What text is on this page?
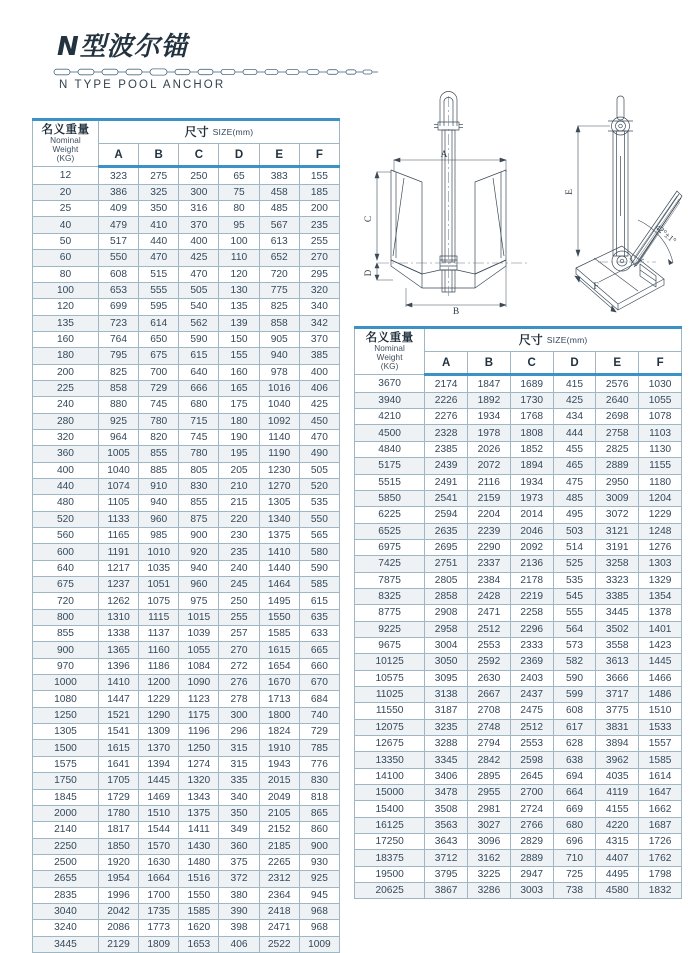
N型波尔锚
N TYPE POOL ANCHOR
A
C
D
B
42°±1°
E
F
名义重量
Nominal
Weight
(KG)	尺寸 SIZE(mm)					
	A	B	C	D	E	F
12	323	275	250	65	383	155
20	386	325	300	75	458	185
25	409	350	316	80	485	200
40	479	410	370	95	567	235
50	517	440	400	100	613	255
60	550	470	425	110	652	270
80	608	515	470	120	720	295
100	653	555	505	130	775	320
120	699	595	540	135	825	340
135	723	614	562	139	858	342
160	764	650	590	150	905	370
180	795	675	615	155	940	385
200	825	700	640	160	978	400
225	858	729	666	165	1016	406
240	880	745	680	175	1040	425
280	925	780	715	180	1092	450
320	964	820	745	190	1140	470
360	1005	855	780	195	1190	490
400	1040	885	805	205	1230	505
440	1074	910	830	210	1270	520
480	1105	940	855	215	1305	535
520	1133	960	875	220	1340	550
560	1165	985	900	230	1375	565
600	1191	1010	920	235	1410	580
640	1217	1035	940	240	1440	590
675	1237	1051	960	245	1464	585
720	1262	1075	975	250	1495	615
800	1310	1115	1015	255	1550	635
855	1338	1137	1039	257	1585	633
900	1365	1160	1055	270	1615	665
970	1396	1186	1084	272	1654	660
1000	1410	1200	1090	276	1670	670
1080	1447	1229	1123	278	1713	684
1250	1521	1290	1175	300	1800	740
1305	1541	1309	1196	296	1824	729
1500	1615	1370	1250	315	1910	785
1575	1641	1394	1274	315	1943	776
1750	1705	1445	1320	335	2015	830
1845	1729	1469	1343	340	2049	818
2000	1780	1510	1375	350	2105	865
2140	1817	1544	1411	349	2152	860
2250	1850	1570	1430	360	2185	900
2500	1920	1630	1480	375	2265	930
2655	1954	1664	1516	372	2312	925
2835	1996	1700	1550	380	2364	945
3040	2042	1735	1585	390	2418	968
3240	2086	1773	1620	398	2471	968
3445	2129	1809	1653	406	2522	1009
名义重量
Nominal
Weight
(KG)	尺寸 SIZE(mm)					
	A	B	C	D	E	F
3670	2174	1847	1689	415	2576	1030
3940	2226	1892	1730	425	2640	1055
4210	2276	1934	1768	434	2698	1078
4500	2328	1978	1808	444	2758	1103
4840	2385	2026	1852	455	2825	1130
5175	2439	2072	1894	465	2889	1155
5515	2491	2116	1934	475	2950	1180
5850	2541	2159	1973	485	3009	1204
6225	2594	2204	2014	495	3072	1229
6525	2635	2239	2046	503	3121	1248
6975	2695	2290	2092	514	3191	1276
7425	2751	2337	2136	525	3258	1303
7875	2805	2384	2178	535	3323	1329
8325	2858	2428	2219	545	3385	1354
8775	2908	2471	2258	555	3445	1378
9225	2958	2512	2296	564	3502	1401
9675	3004	2553	2333	573	3558	1423
10125	3050	2592	2369	582	3613	1445
10575	3095	2630	2403	590	3666	1466
11025	3138	2667	2437	599	3717	1486
11550	3187	2708	2475	608	3775	1510
12075	3235	2748	2512	617	3831	1533
12675	3288	2794	2553	628	3894	1557
13350	3345	2842	2598	638	3962	1585
14100	3406	2895	2645	694	4035	1614
15000	3478	2955	2700	664	4119	1647
15400	3508	2981	2724	669	4155	1662
16125	3563	3027	2766	680	4220	1687
17250	3643	3096	2829	696	4315	1726
18375	3712	3162	2889	710	4407	1762
19500	3795	3225	2947	725	4495	1798
20625	3867	3286	3003	738	4580	1832
